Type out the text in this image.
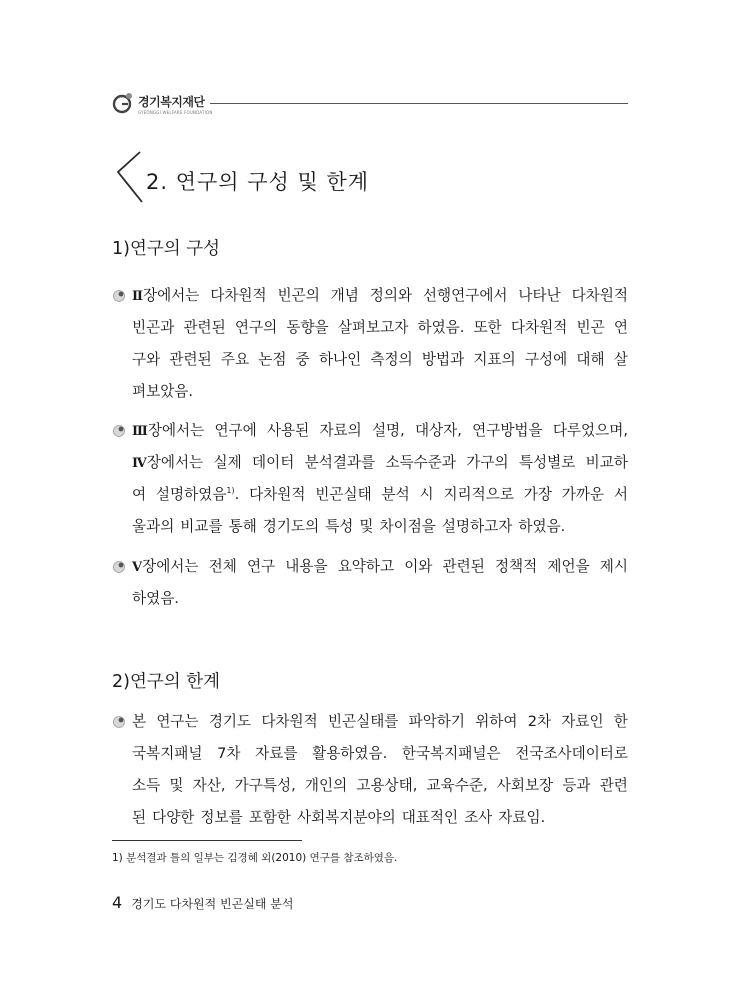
경기복지재단
GYEONGGI WELFARE FOUNDATION
2. 연구의 구성 및 한계
1)연구의 구성
Ⅱ장에서는 다차원적 빈곤의 개념 정의와 선행연구에서 나타난 다차원적
빈곤과 관련된 연구의 동향을 살펴보고자 하였음. 또한 다차원적 빈곤 연
구와 관련된 주요 논점 중 하나인 측정의 방법과 지표의 구성에 대해 살
펴보았음.
Ⅲ장에서는 연구에 사용된 자료의 설명, 대상자, 연구방법을 다루었으며,
Ⅳ장에서는 실제 데이터 분석결과를 소득수준과 가구의 특성별로 비교하
여 설명하였음$^{1)}$. 다차원적 빈곤실태 분석 시 지리적으로 가장 가까운 서
울과의 비교를 통해 경기도의 특성 및 차이점을 설명하고자 하였음.
Ⅴ장에서는 전체 연구 내용을 요약하고 이와 관련된 정책적 제언을 제시
하였음.
2)연구의 한계
본 연구는 경기도 다차원적 빈곤실태를 파악하기 위하여 2차 자료인 한
국복지패널 7차 자료를 활용하였음. 한국복지패널은 전국조사데이터로
소득 및 자산, 가구특성, 개인의 고용상태, 교육수준, 사회보장 등과 관련
된 다양한 정보를 포함한 사회복지분야의 대표적인 조사 자료임.
1) 분석결과 틀의 일부는 김경혜 외(2010) 연구를 참조하였음.
4 경기도 다차원적 빈곤실태 분석
